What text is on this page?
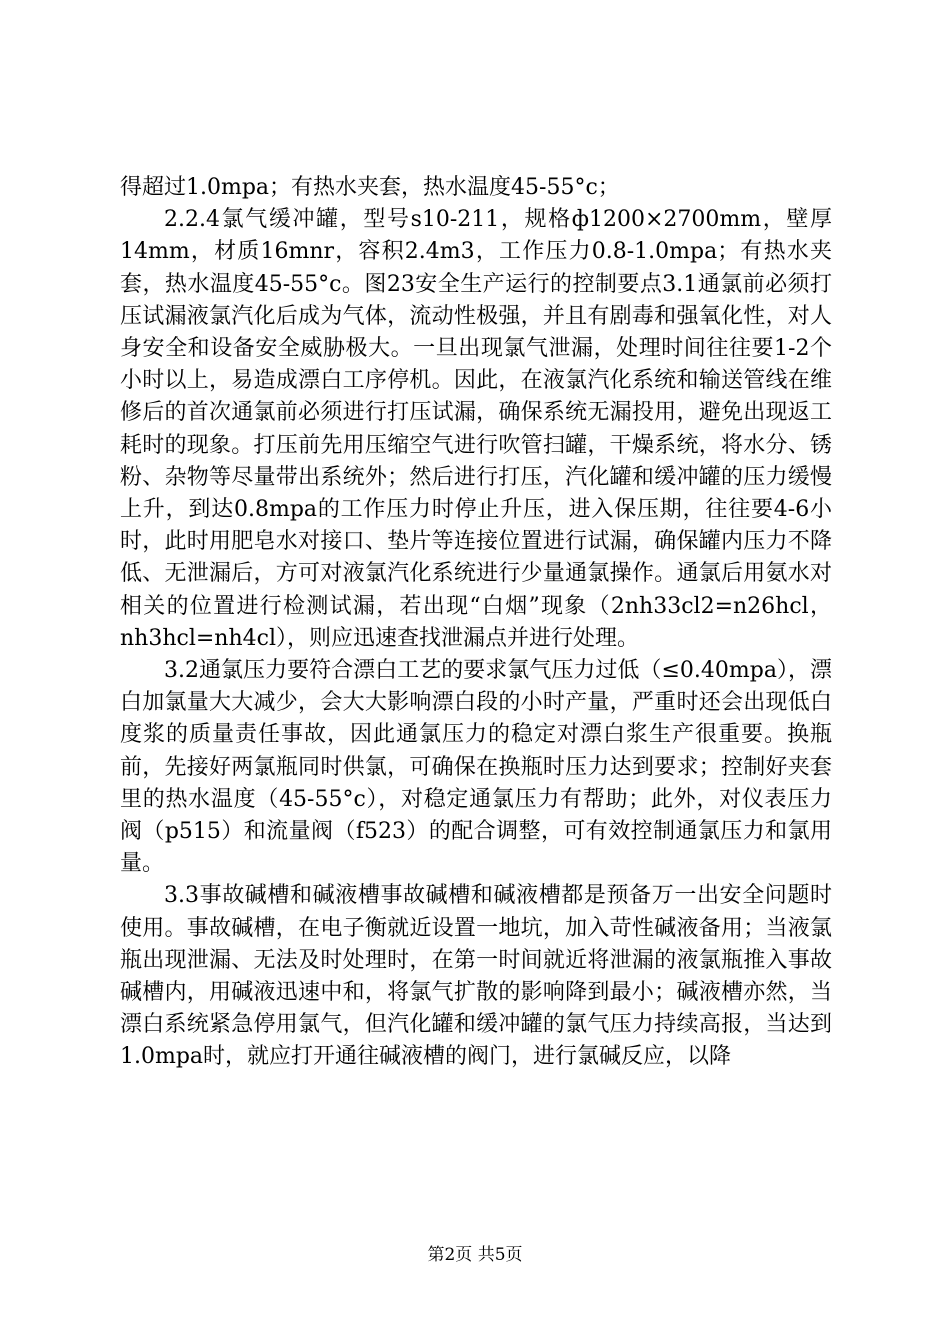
得超过1.0mpa；有热水夹套，热水温度45-55°c；

2.2.4氯气缓冲罐，型号s10-211，规格ф1200×2700mm，壁厚14mm，材质16mnr，容积2.4m3，工作压力0.8-1.0mpa；有热水夹套，热水温度45-55°c。图23安全生产运行的控制要点3.1通氯前必须打压试漏液氯汽化后成为气体，流动性极强，并且有剧毒和强氧化性，对人身安全和设备安全威胁极大。一旦出现氯气泄漏，处理时间往往要1-2个小时以上，易造成漂白工序停机。因此，在液氯汽化系统和输送管线在维修后的首次通氯前必须进行打压试漏，确保系统无漏投用，避免出现返工耗时的现象。打压前先用压缩空气进行吹管扫罐，干燥系统，将水分、锈粉、杂物等尽量带出系统外；然后进行打压，汽化罐和缓冲罐的压力缓慢上升，到达0.8mpa的工作压力时停止升压，进入保压期，往往要4-6小时，此时用肥皂水对接口、垫片等连接位置进行试漏，确保罐内压力不降低、无泄漏后，方可对液氯汽化系统进行少量通氯操作。通氯后用氨水对相关的位置进行检测试漏，若出现“白烟”现象（2nh33cl2=n26hcl，nh3hcl=nh4cl），则应迅速查找泄漏点并进行处理。

3.2通氯压力要符合漂白工艺的要求氯气压力过低（≤0.40mpa），漂白加氯量大大减少，会大大影响漂白段的小时产量，严重时还会出现低白度浆的质量责任事故，因此通氯压力的稳定对漂白浆生产很重要。换瓶前，先接好两氯瓶同时供氯，可确保在换瓶时压力达到要求；控制好夹套里的热水温度（45-55°c），对稳定通氯压力有帮助；此外，对仪表压力阀（p515）和流量阀（f523）的配合调整，可有效控制通氯压力和氯用量。

3.3事故碱槽和碱液槽事故碱槽和碱液槽都是预备万一出安全问题时使用。事故碱槽，在电子衡就近设置一地坑，加入苛性碱液备用；当液氯瓶出现泄漏、无法及时处理时，在第一时间就近将泄漏的液氯瓶推入事故碱槽内，用碱液迅速中和，将氯气扩散的影响降到最小；碱液槽亦然，当漂白系统紧急停用氯气，但汽化罐和缓冲罐的氯气压力持续高报，当达到1.0mpa时，就应打开通往碱液槽的阀门，进行氯碱反应，以降

第2页 共5页
